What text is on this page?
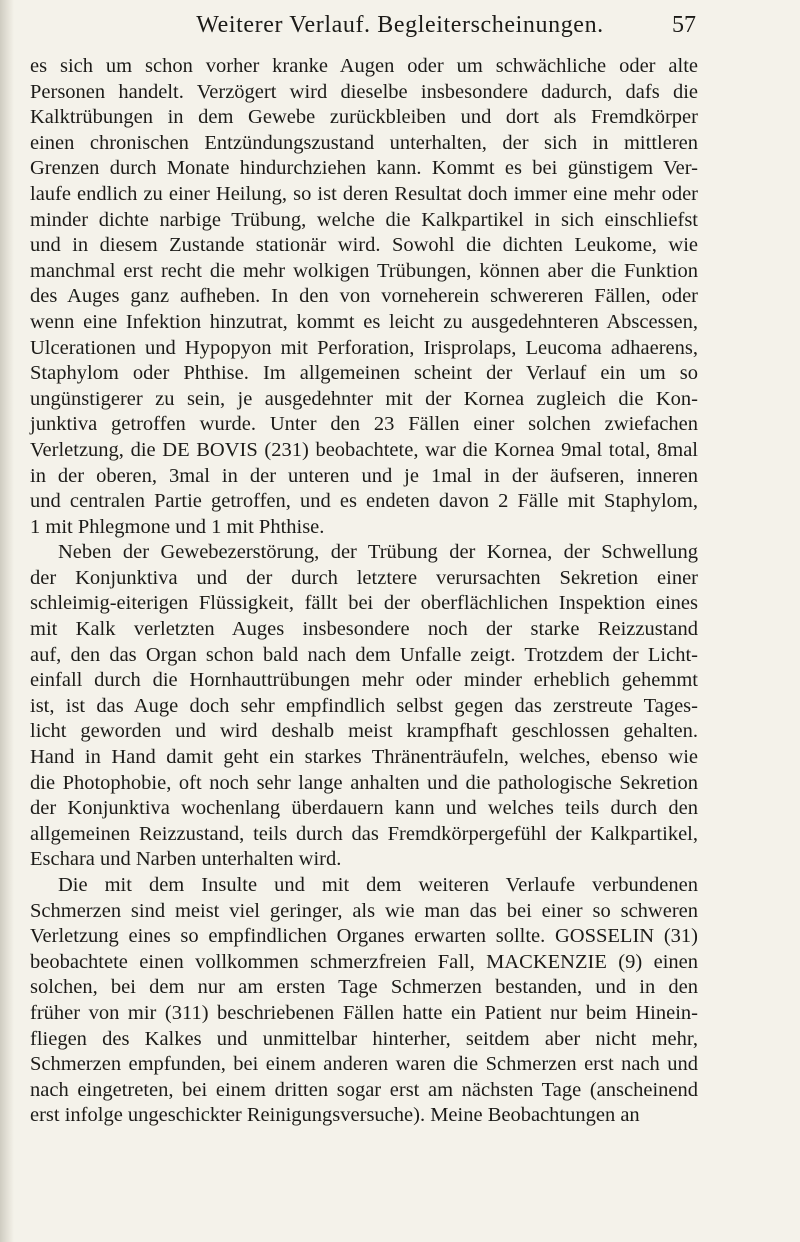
Weiterer Verlauf. Begleiterscheinungen.	57
es sich um schon vorher kranke Augen oder um schwächliche oder alte
Personen handelt. Verzögert wird dieselbe insbesondere dadurch, dafs die
Kalktrübungen in dem Gewebe zurückbleiben und dort als Fremdkörper
einen chronischen Entzündungszustand unterhalten, der sich in mittleren
Grenzen durch Monate hindurchziehen kann. Kommt es bei günstigem Ver-
laufe endlich zu einer Heilung, so ist deren Resultat doch immer eine mehr oder
minder dichte narbige Trübung, welche die Kalkpartikel in sich einschliefst
und in diesem Zustande stationär wird. Sowohl die dichten Leukome, wie
manchmal erst recht die mehr wolkigen Trübungen, können aber die Funktion
des Auges ganz aufheben. In den von vorneherein schwereren Fällen, oder
wenn eine Infektion hinzutrat, kommt es leicht zu ausgedehnteren Abscessen,
Ulcerationen und Hypopyon mit Perforation, Irisprolaps, Leucoma adhaerens,
Staphylom oder Phthise. Im allgemeinen scheint der Verlauf ein um so
ungünstigerer zu sein, je ausgedehnter mit der Kornea zugleich die Kon-
junktiva getroffen wurde. Unter den 23 Fällen einer solchen zwiefachen
Verletzung, die DE BOVIS (231) beobachtete, war die Kornea 9mal total, 8mal
in der oberen, 3mal in der unteren und je 1mal in der äufseren, inneren
und centralen Partie getroffen, und es endeten davon 2 Fälle mit Staphylom,
1 mit Phlegmone und 1 mit Phthise.
Neben der Gewebezerstörung, der Trübung der Kornea, der Schwellung
der Konjunktiva und der durch letztere verursachten Sekretion einer
schleimig-eiterigen Flüssigkeit, fällt bei der oberflächlichen Inspektion eines
mit Kalk verletzten Auges insbesondere noch der starke Reizzustand
auf, den das Organ schon bald nach dem Unfalle zeigt. Trotzdem der Licht-
einfall durch die Hornhauttrübungen mehr oder minder erheblich gehemmt
ist, ist das Auge doch sehr empfindlich selbst gegen das zerstreute Tages-
licht geworden und wird deshalb meist krampfhaft geschlossen gehalten.
Hand in Hand damit geht ein starkes Thränenträufeln, welches, ebenso wie
die Photophobie, oft noch sehr lange anhalten und die pathologische Sekretion
der Konjunktiva wochenlang überdauern kann und welches teils durch den
allgemeinen Reizzustand, teils durch das Fremdkörpergefühl der Kalkpartikel,
Eschara und Narben unterhalten wird.
Die mit dem Insulte und mit dem weiteren Verlaufe verbundenen
Schmerzen sind meist viel geringer, als wie man das bei einer so schweren
Verletzung eines so empfindlichen Organes erwarten sollte. GOSSELIN (31)
beobachtete einen vollkommen schmerzfreien Fall, MACKENZIE (9) einen
solchen, bei dem nur am ersten Tage Schmerzen bestanden, und in den
früher von mir (311) beschriebenen Fällen hatte ein Patient nur beim Hinein-
fliegen des Kalkes und unmittelbar hinterher, seitdem aber nicht mehr,
Schmerzen empfunden, bei einem anderen waren die Schmerzen erst nach und
nach eingetreten, bei einem dritten sogar erst am nächsten Tage (anscheinend
erst infolge ungeschickter Reinigungsversuche). Meine Beobachtungen an
